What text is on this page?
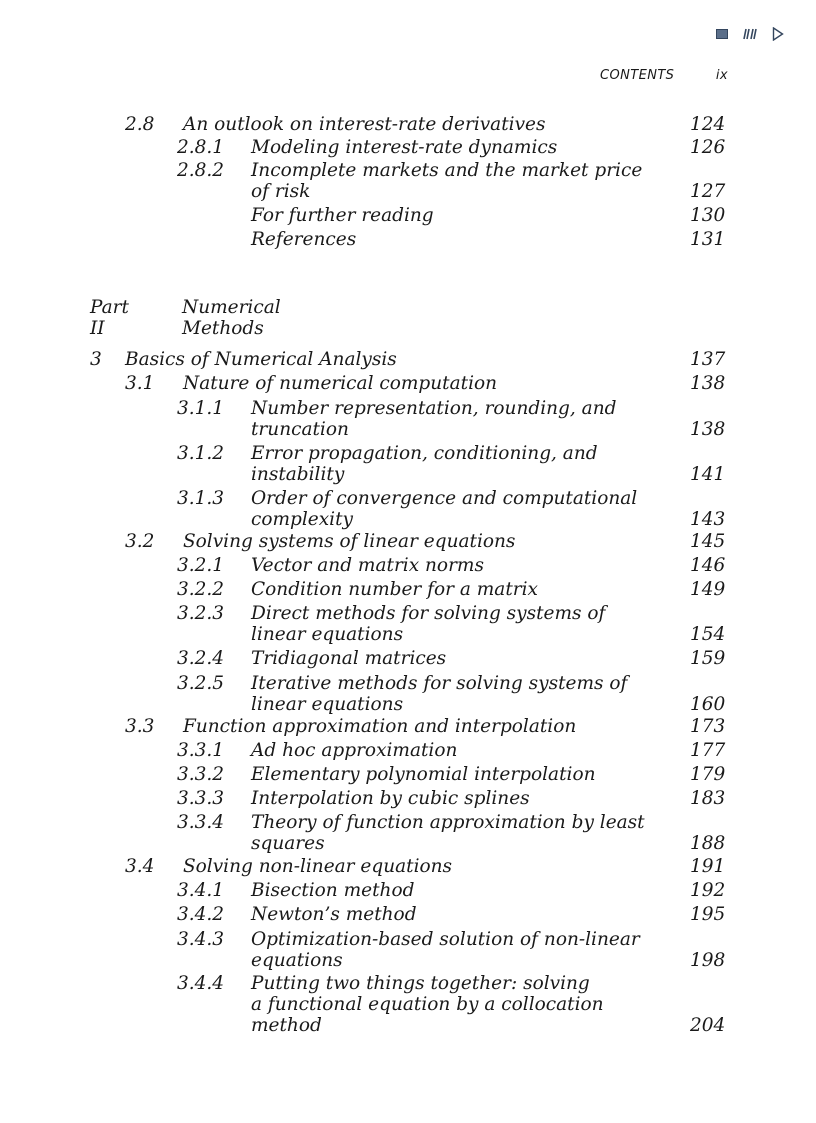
CONTENTS	ix
Part II
Numerical Methods
2.8 An outlook on interest-rate derivatives	124
2.8.1 Modeling interest-rate dynamics	126
2.8.2 Incomplete markets and the market price
of risk	127
For further reading	130
References	131
3 Basics of Numerical Analysis	137
3.1 Nature of numerical computation	138
3.1.1 Number representation, rounding, and
truncation	138
3.1.2 Error propagation, conditioning, and
instability	141
3.1.3 Order of convergence and computational
complexity	143
3.2 Solving systems of linear equations	145
3.2.1 Vector and matrix norms	146
3.2.2 Condition number for a matrix	149
3.2.3 Direct methods for solving systems of
linear equations	154
3.2.4 Tridiagonal matrices	159
3.2.5 Iterative methods for solving systems of
linear equations	160
3.3 Function approximation and interpolation	173
3.3.1 Ad hoc approximation	177
3.3.2 Elementary polynomial interpolation	179
3.3.3 Interpolation by cubic splines	183
3.3.4 Theory of function approximation by least
squares	188
3.4 Solving non-linear equations	191
3.4.1 Bisection method	192
3.4.2 Newton’s method	195
3.4.3 Optimization-based solution of non-linear
equations	198
3.4.4 Putting two things together: solving
a functional equation by a collocation
method	204
